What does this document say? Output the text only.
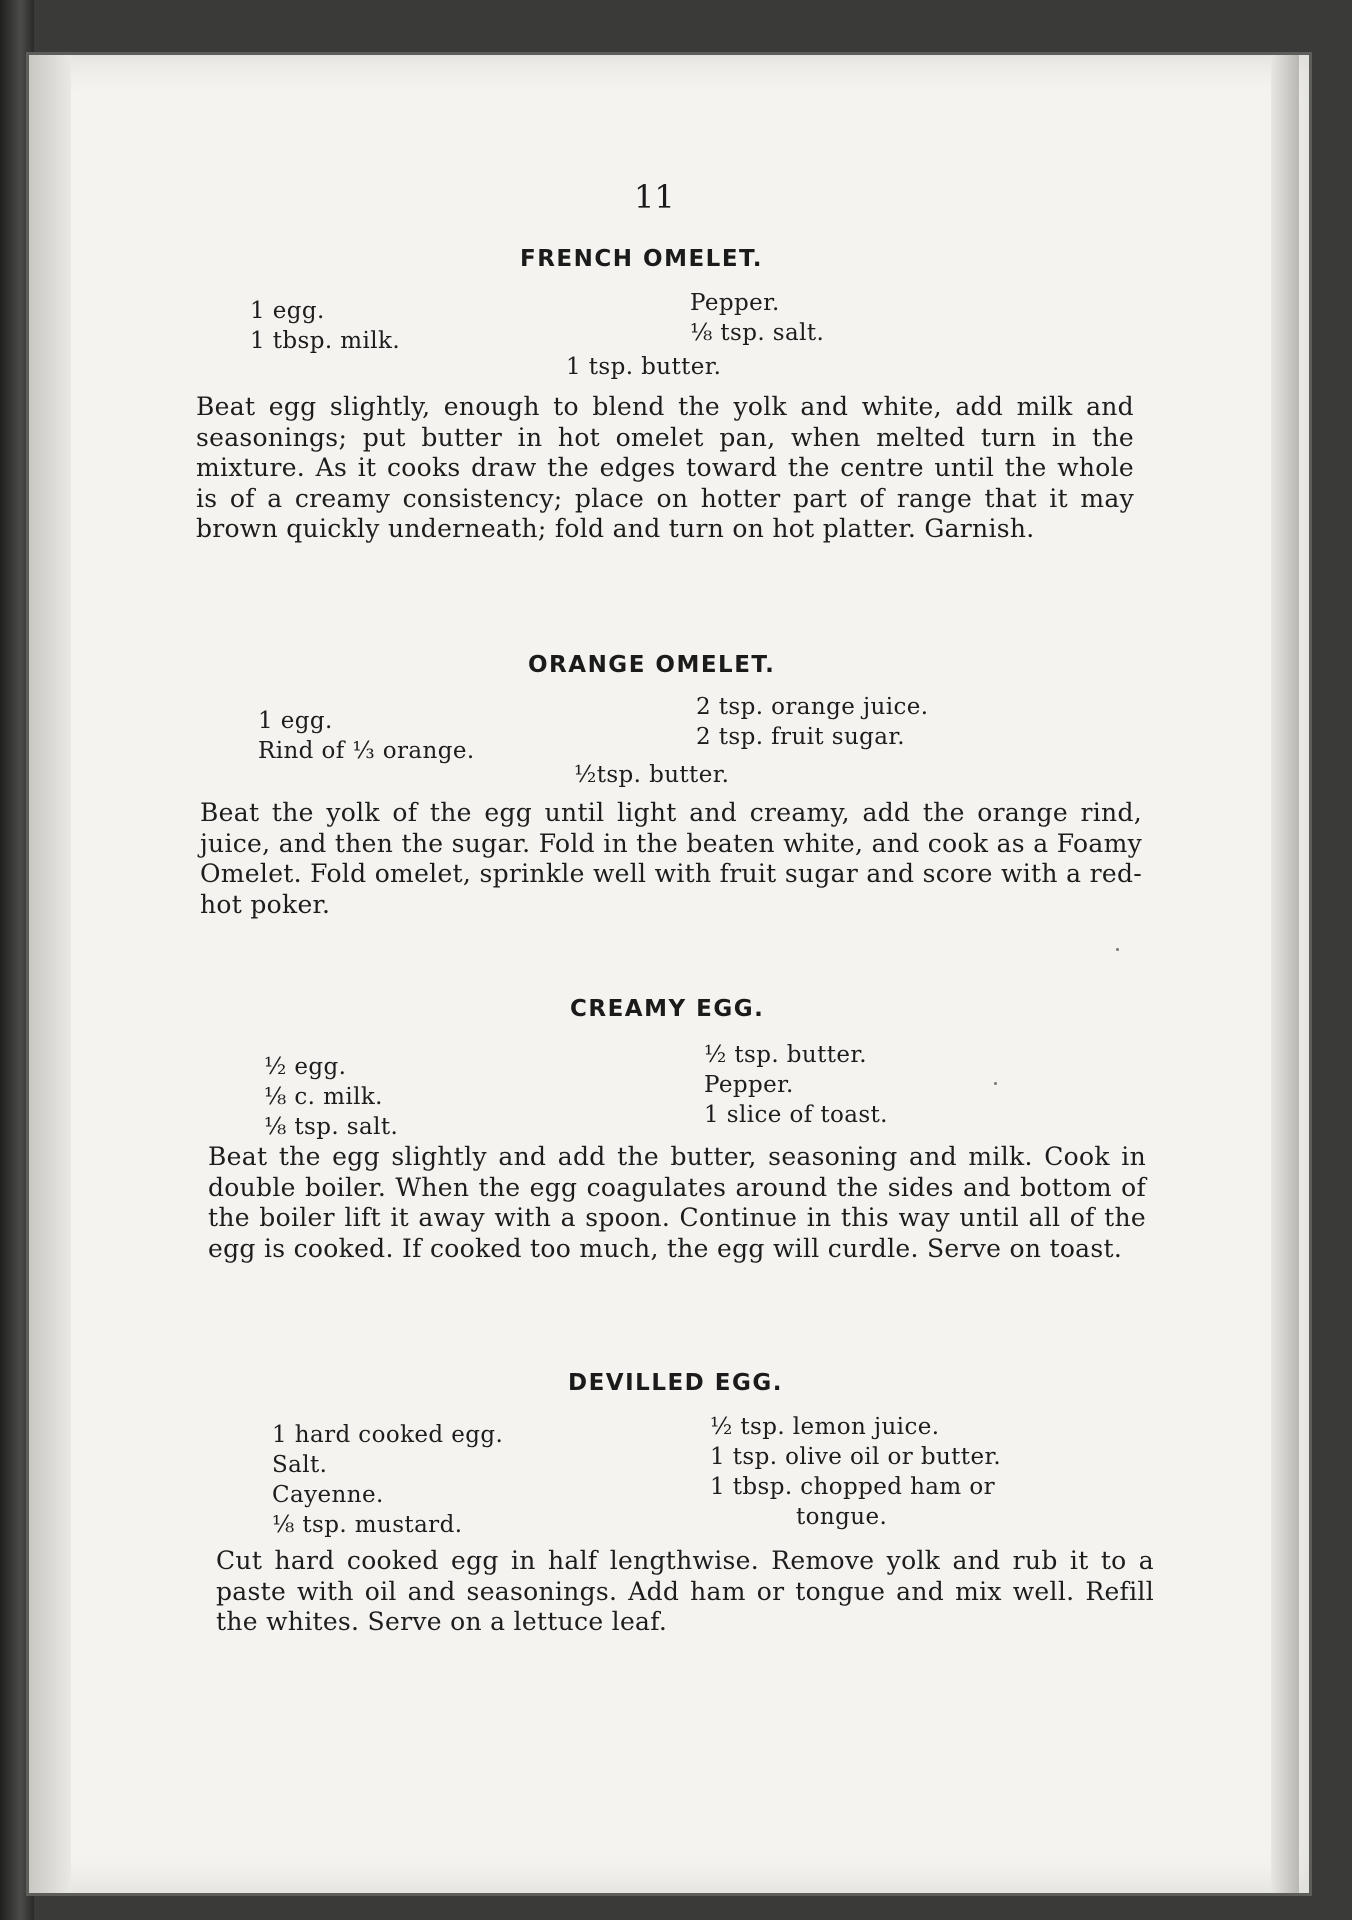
11
FRENCH OMELET.
1 egg.
1 tbsp. milk.
Pepper.
⅛ tsp. salt.
1 tsp. butter.
Beat egg slightly, enough to blend the yolk and white, add milk and seasonings; put butter in hot omelet pan, when melted turn in the mixture. As it cooks draw the edges toward the centre until the whole is of a creamy consistency; place on hotter part of range that it may brown quickly underneath; fold and turn on hot platter. Garnish.
ORANGE OMELET.
1 egg.
Rind of ⅓ orange.
2 tsp. orange juice.
2 tsp. fruit sugar.
½tsp. butter.
Beat the yolk of the egg until light and creamy, add the orange rind, juice, and then the sugar. Fold in the beaten white, and cook as a Foamy Omelet. Fold omelet, sprinkle well with fruit sugar and score with a red-hot poker.
CREAMY EGG.
½ egg.
⅛ c. milk.
⅛ tsp. salt.
½ tsp. butter.
Pepper.
1 slice of toast.
Beat the egg slightly and add the butter, seasoning and milk. Cook in double boiler. When the egg coagulates around the sides and bottom of the boiler lift it away with a spoon. Continue in this way until all of the egg is cooked. If cooked too much, the egg will curdle. Serve on toast.
DEVILLED EGG.
1 hard cooked egg.
Salt.
Cayenne.
⅛ tsp. mustard.
½ tsp. lemon juice.
1 tsp. olive oil or butter.
1 tbsp. chopped ham or
tongue.
Cut hard cooked egg in half lengthwise. Remove yolk and rub it to a paste with oil and seasonings. Add ham or tongue and mix well. Refill the whites. Serve on a lettuce leaf.
